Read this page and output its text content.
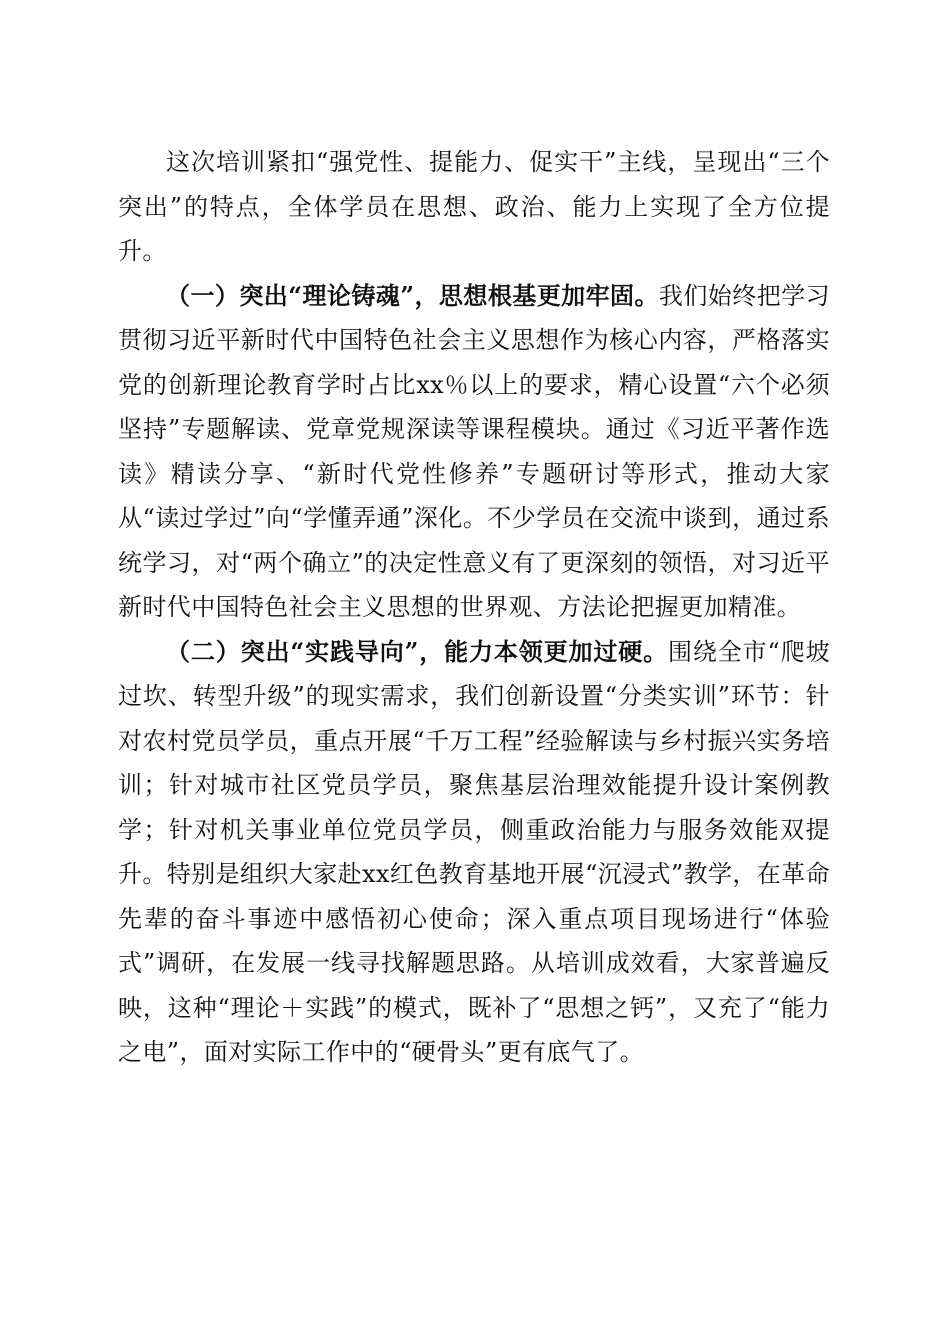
这次培训紧扣“强党性、提能力、促实干”主线，呈现出“三个突出”的特点，全体学员在思想、政治、能力上实现了全方位提升。

（一）突出“理论铸魂”，思想根基更加牢固。我们始终把学习贯彻习近平新时代中国特色社会主义思想作为核心内容，严格落实党的创新理论教育学时占比xx％以上的要求，精心设置“六个必须坚持”专题解读、党章党规深读等课程模块。通过《习近平著作选读》精读分享、“新时代党性修养”专题研讨等形式，推动大家从“读过学过”向“学懂弄通”深化。不少学员在交流中谈到，通过系统学习，对“两个确立”的决定性意义有了更深刻的领悟，对习近平新时代中国特色社会主义思想的世界观、方法论把握更加精准。

（二）突出“实践导向”，能力本领更加过硬。围绕全市“爬坡过坎、转型升级”的现实需求，我们创新设置“分类实训”环节：针对农村党员学员，重点开展“千万工程”经验解读与乡村振兴实务培训；针对城市社区党员学员，聚焦基层治理效能提升设计案例教学；针对机关事业单位党员学员，侧重政治能力与服务效能双提升。特别是组织大家赴xx红色教育基地开展“沉浸式”教学，在革命先辈的奋斗事迹中感悟初心使命；深入重点项目现场进行“体验式”调研，在发展一线寻找解题思路。从培训成效看，大家普遍反映，这种“理论＋实践”的模式，既补了“思想之钙”，又充了“能力之电”，面对实际工作中的“硬骨头”更有底气了。
